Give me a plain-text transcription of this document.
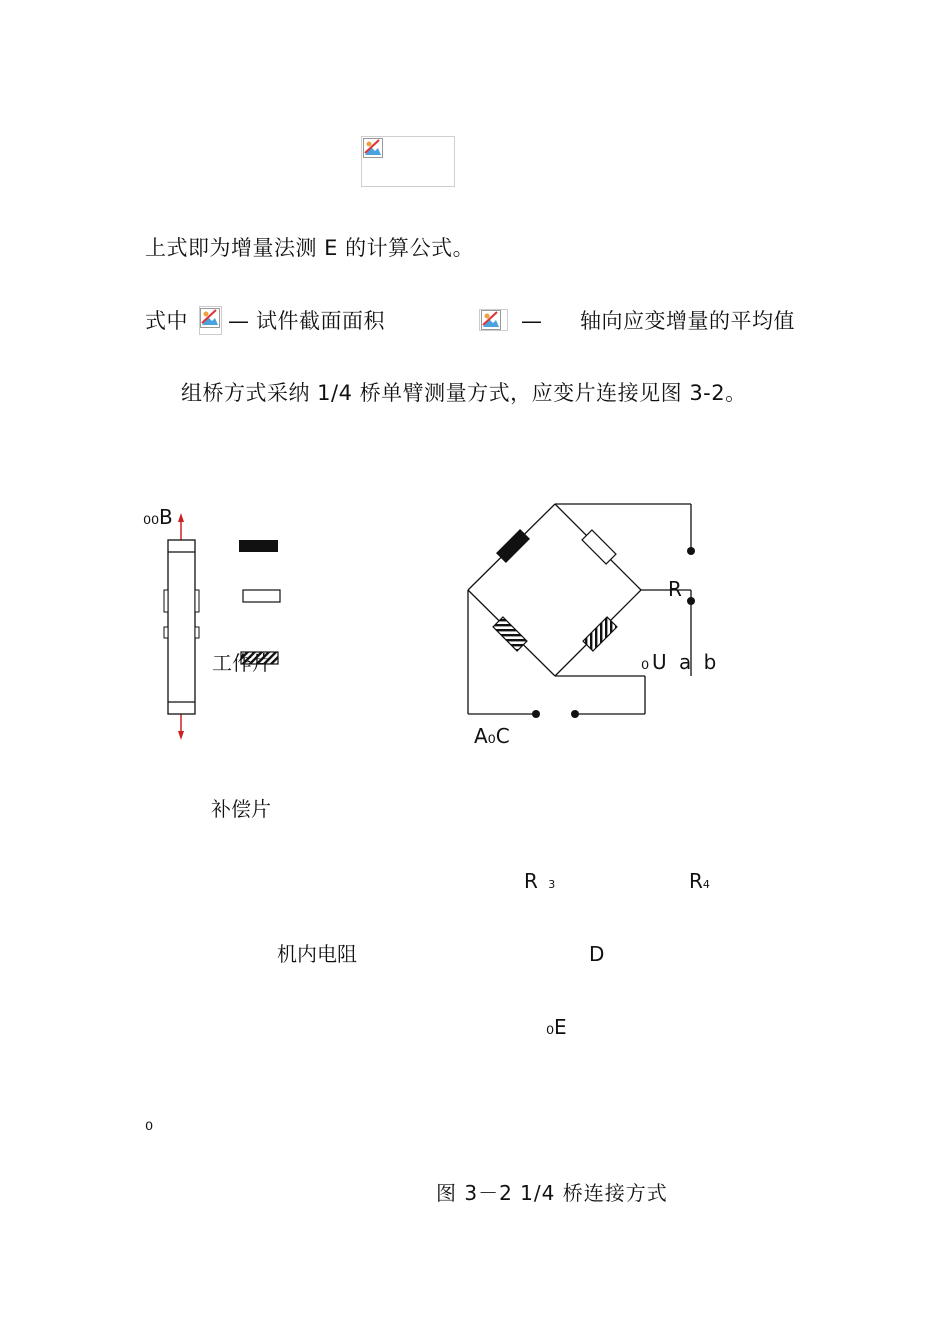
上式即为增量法测 E 的计算公式。
式中 — 试件截面面积	— 轴向应变增量的平均值
组桥方式采纳 1/4 桥单臂测量方式，应变片连接见图 3-2。
₀₀B
工作片
R
₀U a b
A₀C
补偿片
R 3	R4
机内电阻	D
₀E
₀
图 3－2 1/4 桥连接方式
